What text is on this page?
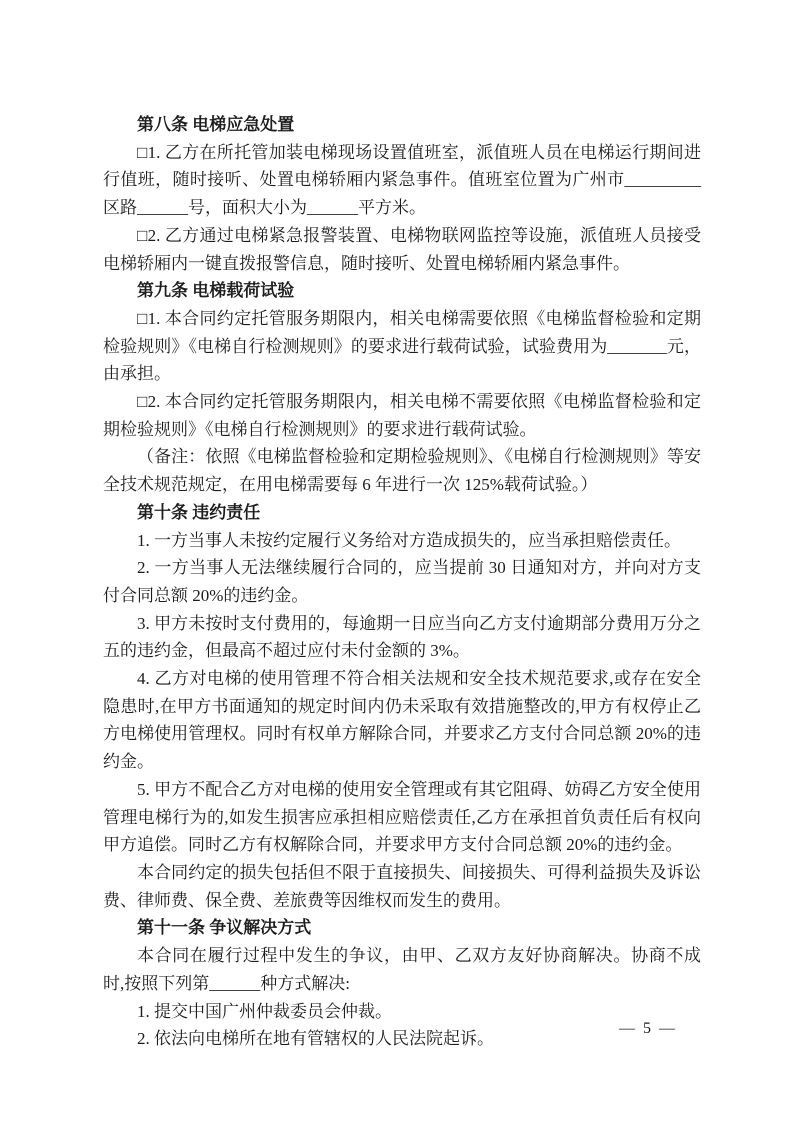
第八条 电梯应急处置

□1. 乙方在所托管加装电梯现场设置值班室，派值班人员在电梯运行期间进行值班，随时接听、处置电梯轿厢内紧急事件。值班室位置为广州市_________区路______号，面积大小为______平方米。

□2. 乙方通过电梯紧急报警装置、电梯物联网监控等设施，派值班人员接受电梯轿厢内一键直拨报警信息，随时接听、处置电梯轿厢内紧急事件。

第九条 电梯载荷试验

□1. 本合同约定托管服务期限内，相关电梯需要依照《电梯监督检验和定期检验规则》《电梯自行检测规则》的要求进行载荷试验，试验费用为_______元，由承担。

□2. 本合同约定托管服务期限内，相关电梯不需要依照《电梯监督检验和定期检验规则》《电梯自行检测规则》的要求进行载荷试验。

（备注：依照《电梯监督检验和定期检验规则》、《电梯自行检测规则》等安全技术规范规定，在用电梯需要每 6 年进行一次 125%载荷试验。）

第十条 违约责任

1. 一方当事人未按约定履行义务给对方造成损失的，应当承担赔偿责任。

2. 一方当事人无法继续履行合同的，应当提前 30 日通知对方，并向对方支付合同总额 20%的违约金。

3. 甲方未按时支付费用的，每逾期一日应当向乙方支付逾期部分费用万分之五的违约金，但最高不超过应付未付金额的 3%。

4. 乙方对电梯的使用管理不符合相关法规和安全技术规范要求,或存在安全隐患时,在甲方书面通知的规定时间内仍未采取有效措施整改的,甲方有权停止乙方电梯使用管理权。同时有权单方解除合同，并要求乙方支付合同总额 20%的违约金。

5. 甲方不配合乙方对电梯的使用安全管理或有其它阻碍、妨碍乙方安全使用管理电梯行为的,如发生损害应承担相应赔偿责任,乙方在承担首负责任后有权向甲方追偿。同时乙方有权解除合同，并要求甲方支付合同总额 20%的违约金。

本合同约定的损失包括但不限于直接损失、间接损失、可得利益损失及诉讼费、律师费、保全费、差旅费等因维权而发生的费用。

第十一条 争议解决方式

本合同在履行过程中发生的争议，由甲、乙双方友好协商解决。协商不成时,按照下列第______种方式解决:

1. 提交中国广州仲裁委员会仲裁。

2. 依法向电梯所在地有管辖权的人民法院起诉。

— 5 —
